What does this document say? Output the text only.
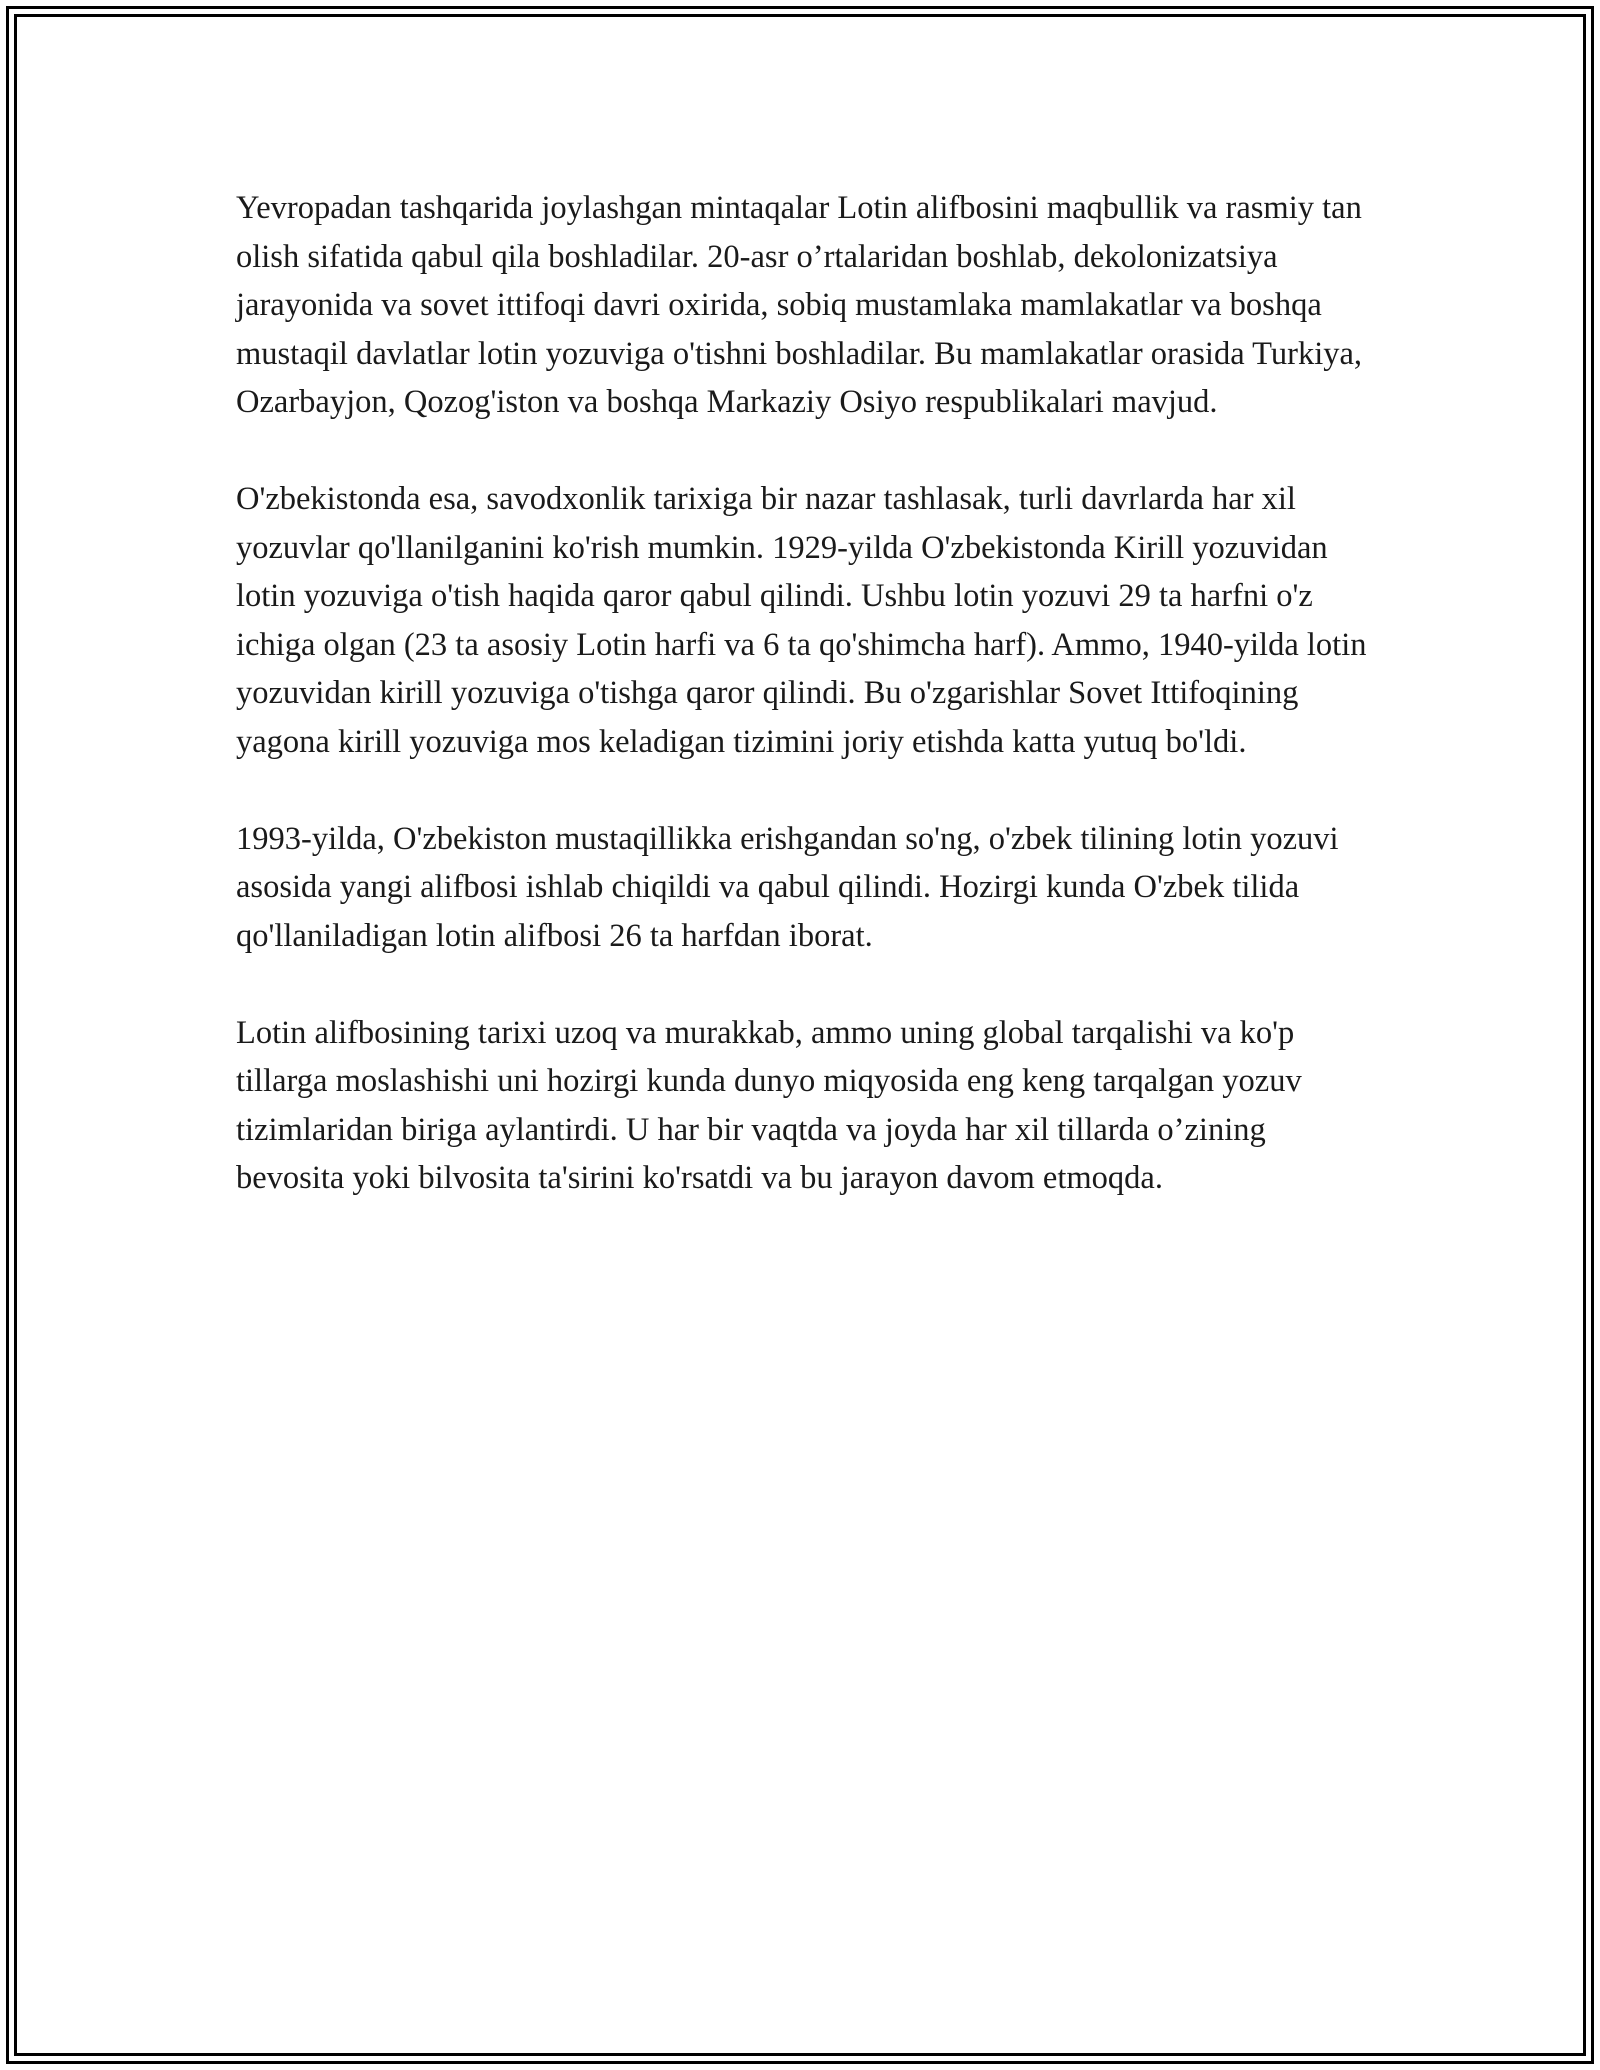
Yevropadan tashqarida joylashgan mintaqalar Lotin alifbosini maqbullik va rasmiy tan olish sifatida qabul qila boshladilar. 20-asr o’rtalaridan boshlab, dekolonizatsiya jarayonida va sovet ittifoqi davri oxirida, sobiq mustamlaka mamlakatlar va boshqa mustaqil davlatlar lotin yozuviga o'tishni boshladilar. Bu mamlakatlar orasida Turkiya, Ozarbayjon, Qozog'iston va boshqa Markaziy Osiyo respublikalari mavjud.

O'zbekistonda esa, savodxonlik tarixiga bir nazar tashlasak, turli davrlarda har xil yozuvlar qo'llanilganini ko'rish mumkin. 1929-yilda O'zbekistonda Kirill yozuvidan lotin yozuviga o'tish haqida qaror qabul qilindi. Ushbu lotin yozuvi 29 ta harfni o'z ichiga olgan (23 ta asosiy Lotin harfi va 6 ta qo'shimcha harf). Ammo, 1940-yilda lotin yozuvidan kirill yozuviga o'tishga qaror qilindi. Bu o'zgarishlar Sovet Ittifoqining yagona kirill yozuviga mos keladigan tizimini joriy etishda katta yutuq bo'ldi.

1993-yilda, O'zbekiston mustaqillikka erishgandan so'ng, o'zbek tilining lotin yozuvi asosida yangi alifbosi ishlab chiqildi va qabul qilindi. Hozirgi kunda O'zbek tilida qo'llaniladigan lotin alifbosi 26 ta harfdan iborat.

Lotin alifbosining tarixi uzoq va murakkab, ammo uning global tarqalishi va ko'p tillarga moslashishi uni hozirgi kunda dunyo miqyosida eng keng tarqalgan yozuv tizimlaridan biriga aylantirdi. U har bir vaqtda va joyda har xil tillarda o’zining bevosita yoki bilvosita ta'sirini ko'rsatdi va bu jarayon davom etmoqda.
